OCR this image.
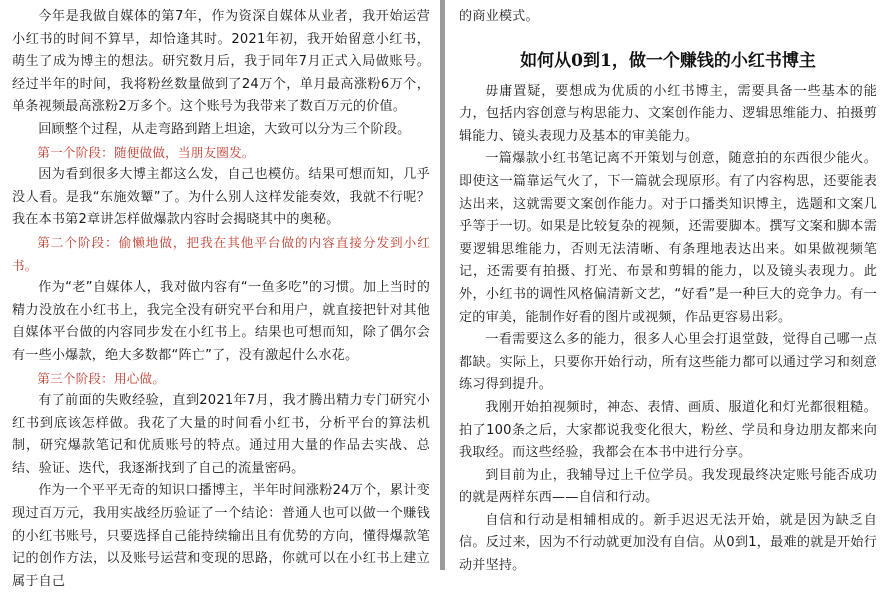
今年是我做自媒体的第7年，作为资深自媒体从业者，我开始运营小红书的时间不算早，却恰逢其时。2021年初，我开始留意小红书，萌生了成为博主的想法。研究数月后，我于同年7月正式入局做账号。经过半年的时间，我将粉丝数量做到了24万个，单月最高涨粉6万个，单条视频最高涨粉2万多个。这个账号为我带来了数百万元的价值。

回顾整个过程，从走弯路到踏上坦途，大致可以分为三个阶段。

第一个阶段：随便做做，当朋友圈发。

因为看到很多大博主都这么发，自己也模仿。结果可想而知，几乎没人看。是我“东施效颦”了。为什么别人这样发能奏效，我就不行呢？我在本书第2章讲怎样做爆款内容时会揭晓其中的奥秘。

第二个阶段：偷懒地做，把我在其他平台做的内容直接分发到小红书。

作为“老”自媒体人，我对做内容有“一鱼多吃”的习惯。加上当时的精力没放在小红书上，我完全没有研究平台和用户，就直接把针对其他自媒体平台做的内容同步发在小红书上。结果也可想而知，除了偶尔会有一些小爆款，绝大多数都“阵亡”了，没有激起什么水花。

第三个阶段：用心做。

有了前面的失败经验，直到2021年7月，我才腾出精力专门研究小红书到底该怎样做。我花了大量的时间看小红书，分析平台的算法机制，研究爆款笔记和优质账号的特点。通过用大量的作品去实战、总结、验证、迭代，我逐渐找到了自己的流量密码。

作为一个平平无奇的知识口播博主，半年时间涨粉24万个，累计变现过百万元，我用实战经历验证了一个结论：普通人也可以做一个赚钱的小红书账号，只要选择自己能持续输出且有优势的方向，懂得爆款笔记的创作方法，以及账号运营和变现的思路，你就可以在小红书上建立属于自己

的商业模式。

如何从0到1，做一个赚钱的小红书博主

毋庸置疑，要想成为优质的小红书博主，需要具备一些基本的能力，包括内容创意与构思能力、文案创作能力、逻辑思维能力、拍摄剪辑能力、镜头表现力及基本的审美能力。

一篇爆款小红书笔记离不开策划与创意，随意拍的东西很少能火。即使这一篇靠运气火了，下一篇就会现原形。有了内容构思，还要能表达出来，这就需要文案创作能力。对于口播类知识博主，选题和文案几乎等于一切。如果是比较复杂的视频，还需要脚本。撰写文案和脚本需要逻辑思维能力，否则无法清晰、有条理地表达出来。如果做视频笔记，还需要有拍摄、打光、布景和剪辑的能力，以及镜头表现力。此外，小红书的调性风格偏清新文艺，“好看”是一种巨大的竞争力。有一定的审美，能制作好看的图片或视频，作品更容易出彩。

一看需要这么多的能力，很多人心里会打退堂鼓，觉得自己哪一点都缺。实际上，只要你开始行动，所有这些能力都可以通过学习和刻意练习得到提升。

我刚开始拍视频时，神态、表情、画质、服道化和灯光都很粗糙。拍了100条之后，大家都说我变化很大，粉丝、学员和身边朋友都来向我取经。而这些经验，我都会在本书中进行分享。

到目前为止，我辅导过上千位学员。我发现最终决定账号能否成功的就是两样东西——自信和行动。

自信和行动是相辅相成的。新手迟迟无法开始，就是因为缺乏自信。反过来，因为不行动就更加没有自信。从0到1，最难的就是开始行动并坚持。
